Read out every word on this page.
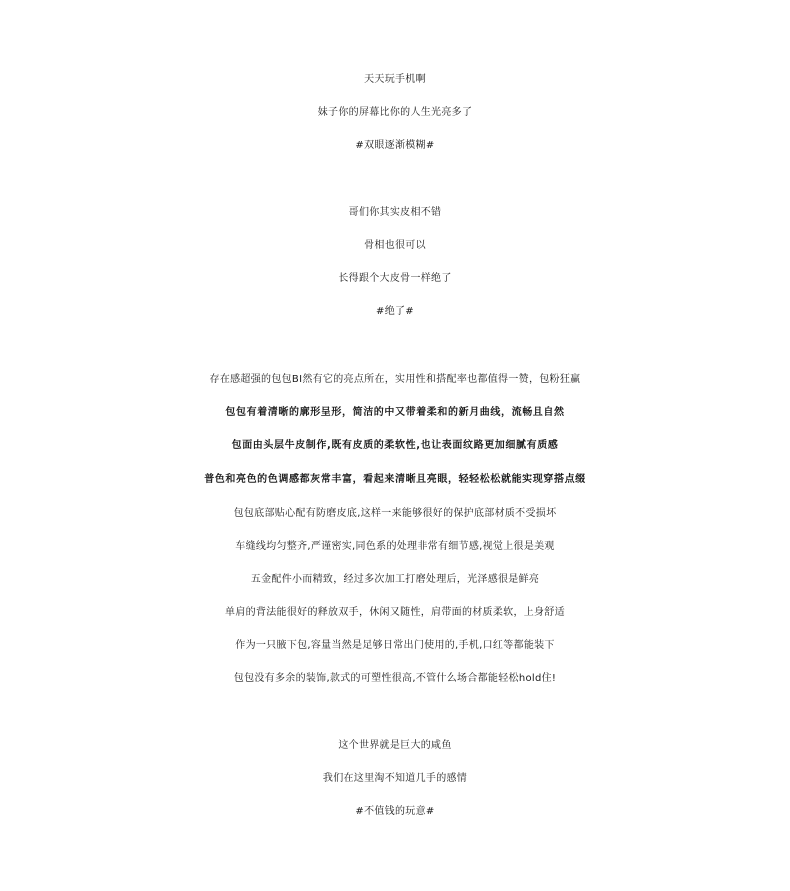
天天玩手机啊
妹子你的屏幕比你的人生光亮多了
#双眼逐渐模糊#
哥们你其实皮相不错
骨相也很可以
长得跟个大皮骨一样绝了
#绝了#
存在感超强的包包BI然有它的亮点所在，实用性和搭配率也都值得一赞，包粉狂赢
包包有着清晰的廓形呈形，简洁的中又带着柔和的新月曲线，流畅且自然
包面由头层牛皮制作,既有皮质的柔软性,也让表面纹路更加细腻有质感
普色和亮色的色调感都灰常丰富，看起来清晰且亮眼，轻轻松松就能实现穿搭点缀
包包底部贴心配有防磨皮底,这样一来能够很好的保护底部材质不受损坏
车缝线均匀整齐,严谨密实,同色系的处理非常有细节感,视觉上很是美观
五金配件小而精致，经过多次加工打磨处理后，光泽感很是鲜亮
单肩的背法能很好的释放双手，休闲又随性，肩带面的材质柔软，上身舒适
作为一只腋下包,容量当然是足够日常出门使用的,手机,口红等都能装下
包包没有多余的装饰,款式的可塑性很高,不管什么场合都能轻松hold住!
这个世界就是巨大的咸鱼
我们在这里淘不知道几手的感情
#不值钱的玩意#
